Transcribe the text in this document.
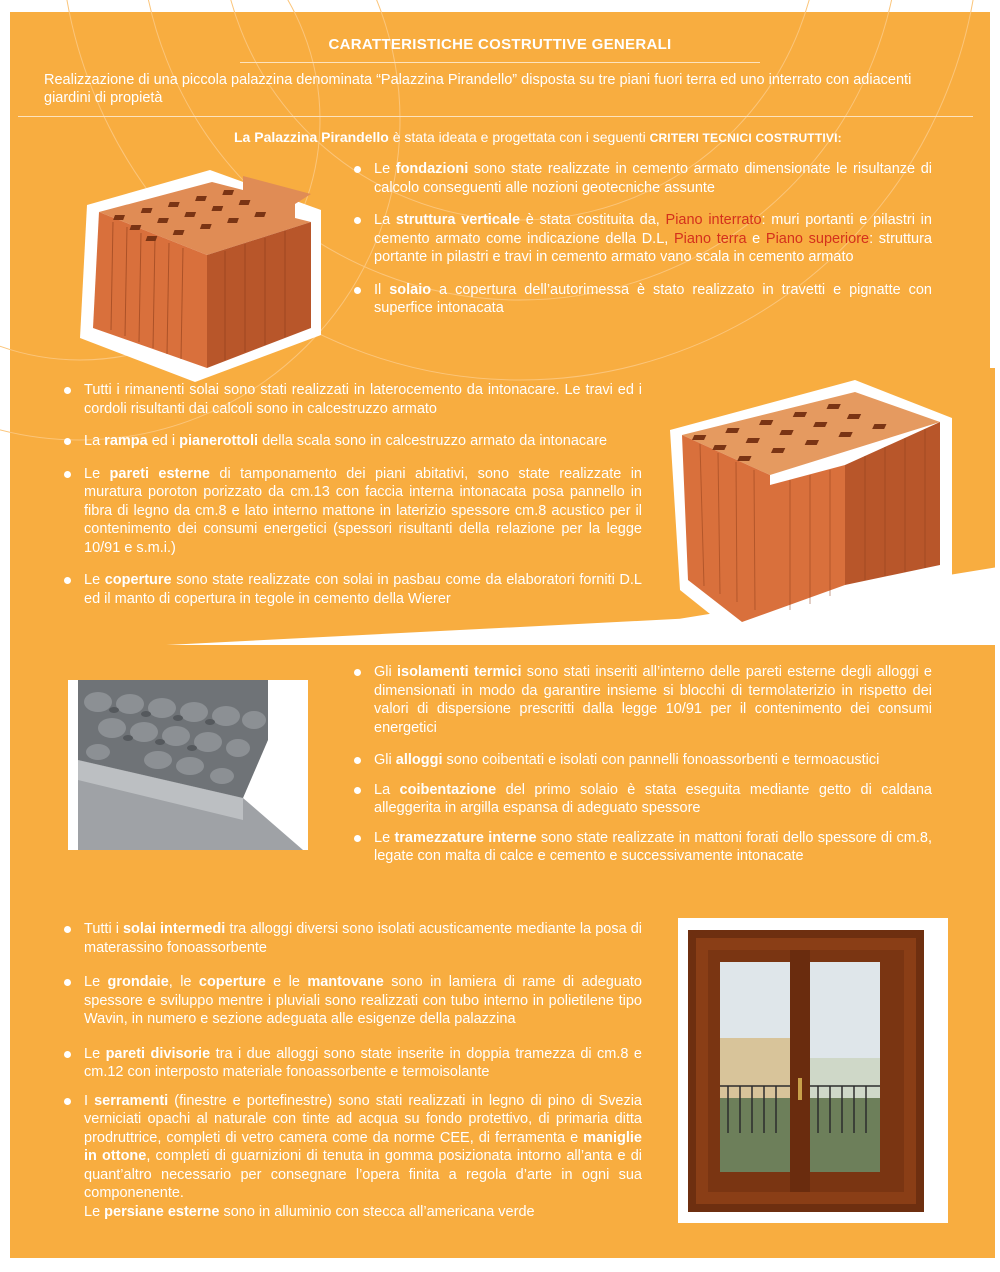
CARATTERISTICHE COSTRUTTIVE GENERALI
Realizzazione di una piccola palazzina denominata “Palazzina Pirandello” disposta su tre piani fuori terra ed uno interrato con adiacenti giardini di propietà
La Palazzina Pirandello è stata ideata e progettata con i seguenti CRITERI TECNICI COSTRUTTIVI:
Le fondazioni sono state realizzate in cemento armato dimensionate le risultanze di calcolo conseguenti alle nozioni geotecniche assunte
La struttura verticale è stata costituita da, Piano interrato: muri portanti e pilastri in cemento armato come indicazione della D.L, Piano terra e Piano superiore: struttura portante in pilastri e travi in cemento armato vano scala in cemento armato
Il solaio a copertura dell’autorimessa è stato realizzato in travetti e pignatte con superfice intonacata
Tutti i rimanenti solai sono stati realizzati in laterocemento da intonacare. Le travi ed i cordoli risultanti dai calcoli sono in calcestruzzo armato
La rampa ed i pianerottoli della scala sono in calcestruzzo armato da intonacare
Le pareti esterne di tamponamento dei piani abitativi, sono state realizzate in muratura poroton porizzato da cm.13 con faccia interna intonacata posa pannello in fibra di legno da cm.8 e lato interno mattone in laterizio spessore cm.8 acustico per il contenimento dei consumi energetici (spessori risultanti della relazione per la legge 10/91 e s.m.i.)
Le coperture sono state realizzate con solai in pasbau come da elaboratori forniti D.L ed il manto di copertura in tegole in cemento della Wierer
Gli isolamenti termici sono stati inseriti all’interno delle pareti esterne degli alloggi e dimensionati in modo da garantire insieme si blocchi di termolaterizio in rispetto dei valori di dispersione prescritti dalla legge 10/91 per il contenimento dei consumi energetici
Gli alloggi sono coibentati e isolati con pannelli fonoassorbenti e termoacustici
La coibentazione del primo solaio è stata eseguita mediante getto di caldana alleggerita in argilla espansa di adeguato spessore
Le tramezzature interne sono state realizzate in mattoni forati dello spessore di cm.8, legate con malta di calce e cemento e successivamente intonacate
Tutti i solai intermedi tra alloggi diversi sono isolati acusticamente mediante la posa di materassino fonoassorbente
Le grondaie, le coperture e le mantovane sono in lamiera di rame di adeguato spessore e sviluppo mentre i pluviali sono realizzati con tubo interno in polietilene tipo Wavin, in numero e sezione adeguata alle esigenze della palazzina
Le pareti divisorie tra i due alloggi sono state inserite in doppia tramezza di cm.8 e cm.12 con interposto materiale fonoassorbente e termoisolante
I serramenti (finestre e portefinestre) sono stati realizzati in legno di pino di Svezia verniciati opachi al naturale con tinte ad acqua su fondo protettivo, di primaria ditta prodruttrice, completi di vetro camera come da norme CEE, di ferramenta e maniglie in ottone, completi di guarnizioni di tenuta in gomma posizionata intorno all’anta e di quant’altro necessario per consegnare l’opera finita a regola d’arte in ogni sua componenente.
Le persiane esterne sono in alluminio con stecca all’americana verde
